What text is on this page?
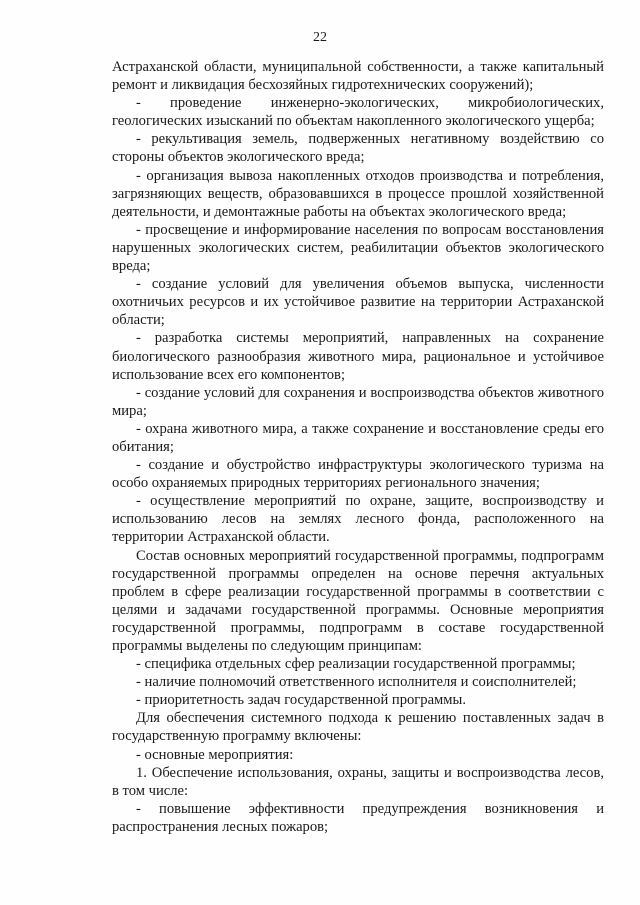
22

Астраханской области, муниципальной собственности, а также капитальный ремонт и ликвидация бесхозяйных гидротехнических сооружений);

- проведение инженерно-экологических, микробиологических, геологических изысканий по объектам накопленного экологического ущерба;

- рекультивация земель, подверженных негативному воздействию со стороны объектов экологического вреда;

- организация вывоза накопленных отходов производства и потребления, загрязняющих веществ, образовавшихся в процессе прошлой хозяйственной деятельности, и демонтажные работы на объектах экологического вреда;

- просвещение и информирование населения по вопросам восстановления нарушенных экологических систем, реабилитации объектов экологического вреда;

- создание условий для увеличения объемов выпуска, численности охотничьих ресурсов и их устойчивое развитие на территории Астраханской области;

- разработка системы мероприятий, направленных на сохранение биологического разнообразия животного мира, рациональное и устойчивое использование всех его компонентов;

- создание условий для сохранения и воспроизводства объектов животного мира;

- охрана животного мира, а также сохранение и восстановление среды его обитания;

- создание и обустройство инфраструктуры экологического туризма на особо охраняемых природных территориях регионального значения;

- осуществление мероприятий по охране, защите, воспроизводству и использованию лесов на землях лесного фонда, расположенного на территории Астраханской области.

Состав основных мероприятий государственной программы, подпрограмм государственной программы определен на основе перечня актуальных проблем в сфере реализации государственной программы в соответствии с целями и задачами государственной программы. Основные мероприятия государственной программы, подпрограмм в составе государственной программы выделены по следующим принципам:

- специфика отдельных сфер реализации государственной программы;

- наличие полномочий ответственного исполнителя и соисполнителей;

- приоритетность задач государственной программы.

Для обеспечения системного подхода к решению поставленных задач в государственную программу включены:

- основные мероприятия:

1. Обеспечение использования, охраны, защиты и воспроизводства лесов, в том числе:

- повышение эффективности предупреждения возникновения и распространения лесных пожаров;
